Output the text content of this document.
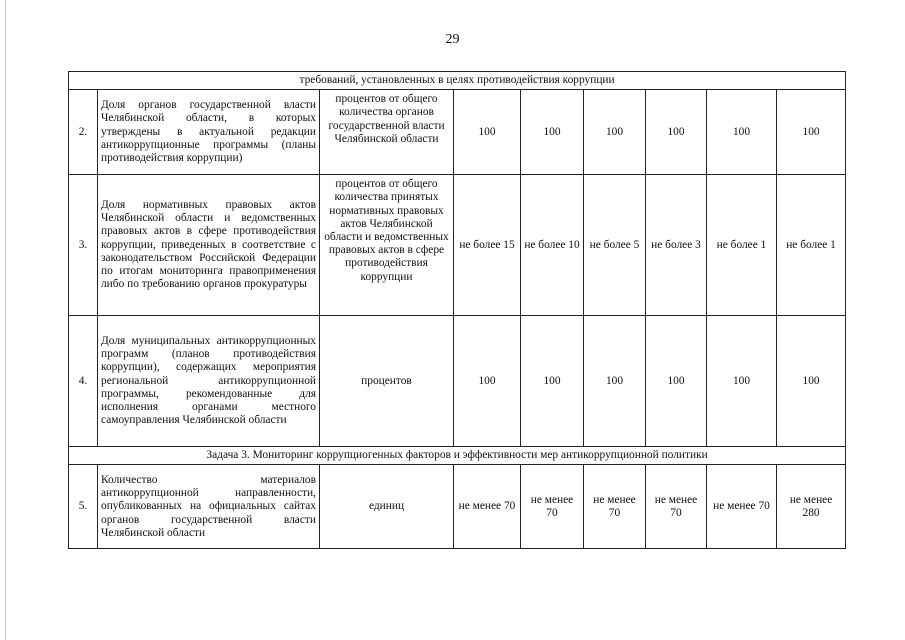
29
требований, установленных в целях противодействия коррупции								
2.	Доля органов государственной власти Челябинской области, в которых утверждены в актуальной редакции антикоррупционные программы (планы противодействия коррупции)	процентов от общего количества органов государственной власти Челябинской области	100	100	100	100	100	100
3.	Доля нормативных правовых актов Челябинской области и ведомственных правовых актов в сфере противодействия коррупции, приведенных в соответствие с законодательством Российской Федерации по итогам мониторинга правоприменения либо по требованию органов прокуратуры	процентов от общего количества принятых нормативных правовых актов Челябинской области и ведомственных правовых актов в сфере противодействия коррупции	не более 15	не более 10	не более 5	не более 3	не более 1	не более 1
4.	Доля муниципальных антикоррупционных программ (планов противодействия коррупции), содержащих мероприятия региональной антикоррупционной программы, рекомендованные для исполнения органами местного самоуправления Челябинской области	процентов	100	100	100	100	100	100
Задача 3. Мониторинг коррупциогенных факторов и эффективности мер антикоррупционной политики								
5.	Количество материалов антикоррупционной направленности, опубликованных на официальных сайтах органов государственной власти Челябинской области	единиц	не менее 70	не менее 70	не менее 70	не менее 70	не менее 70	не менее 280
